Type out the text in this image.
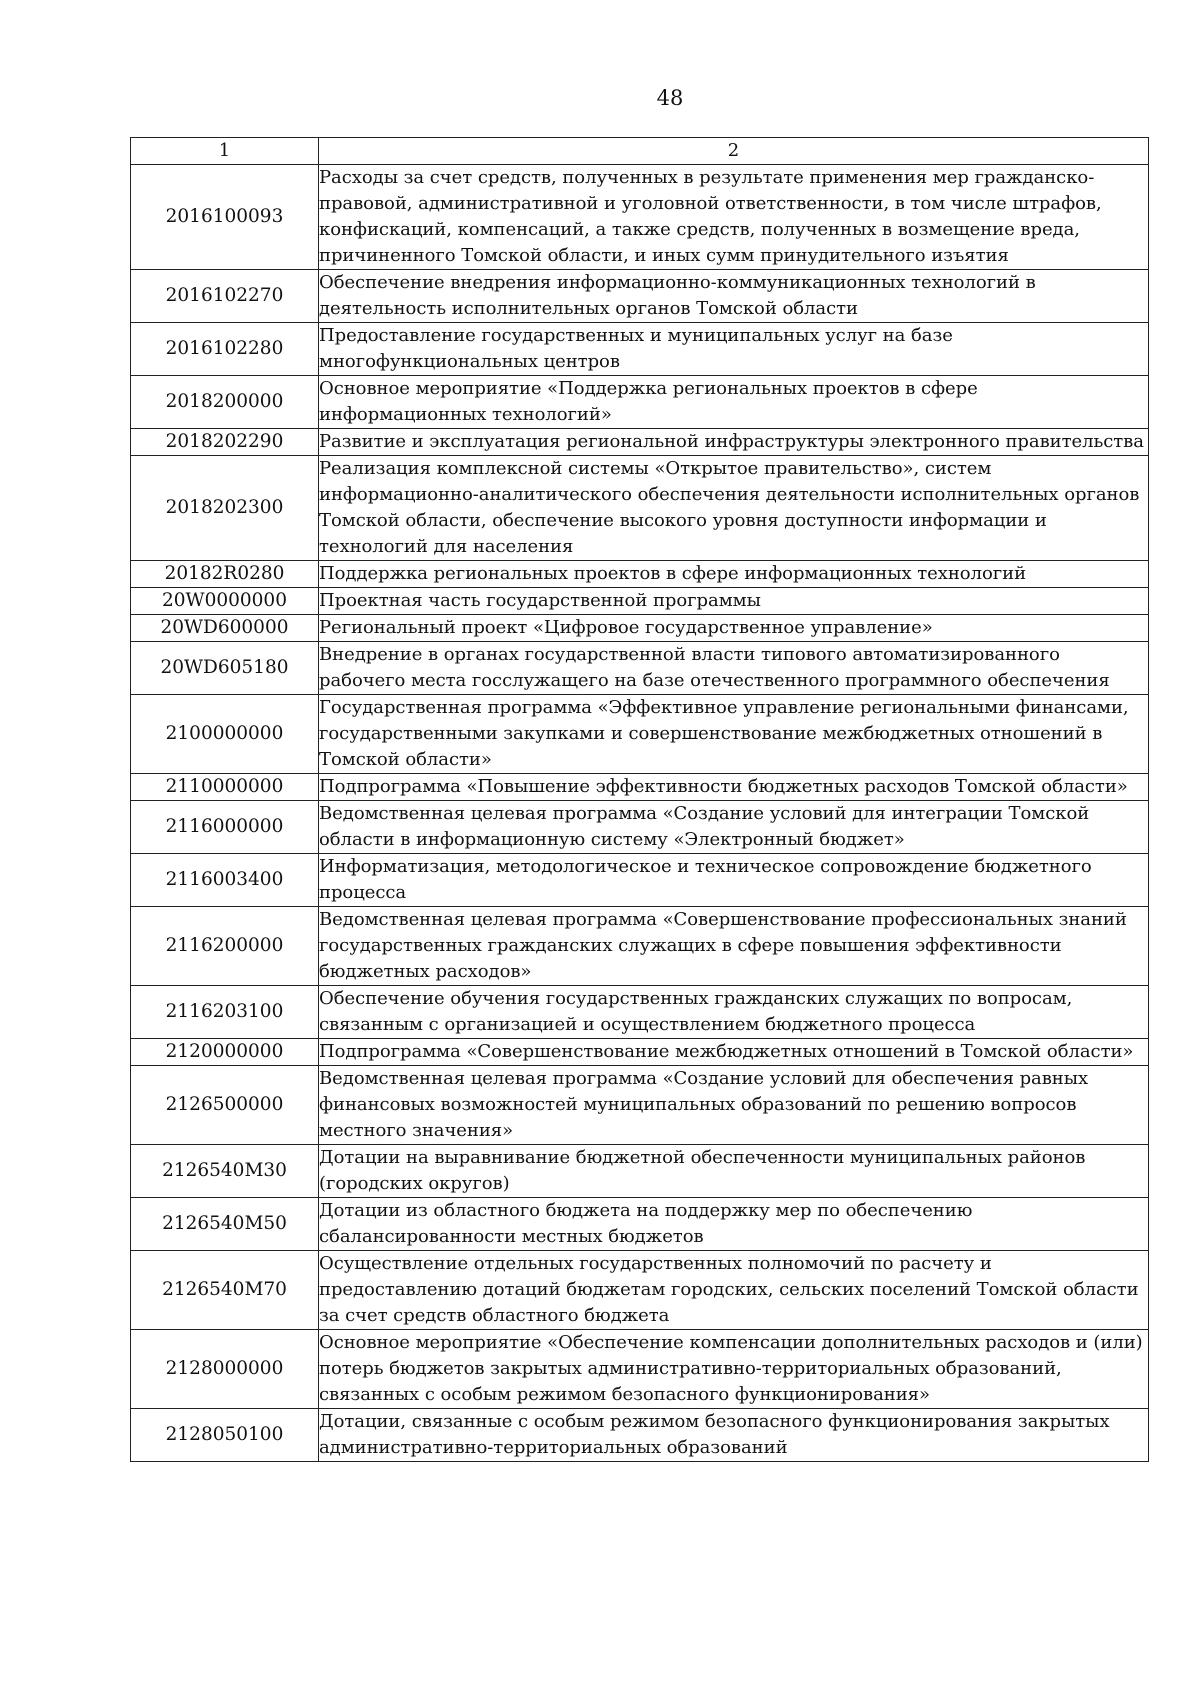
48
1	2
2016100093	Расходы за счет средств, полученных в результате применения мер гражданско-правовой, административной и уголовной ответственности, в том числе штрафов, конфискаций, компенсаций, а также средств, полученных в возмещение вреда, причиненного Томской области, и иных сумм принудительного изъятия
2016102270	Обеспечение внедрения информационно-коммуникационных технологий в деятельность исполнительных органов Томской области
2016102280	Предоставление государственных и муниципальных услуг на базе многофункциональных центров
2018200000	Основное мероприятие «Поддержка региональных проектов в сфере информационных технологий»
2018202290	Развитие и эксплуатация региональной инфраструктуры электронного правительства
2018202300	Реализация комплексной системы «Открытое правительство», систем информационно-аналитического обеспечения деятельности исполнительных органов Томской области, обеспечение высокого уровня доступности информации и технологий для населения
20182R0280	Поддержка региональных проектов в сфере информационных технологий
20W0000000	Проектная часть государственной программы
20WD600000	Региональный проект «Цифровое государственное управление»
20WD605180	Внедрение в органах государственной власти типового автоматизированного рабочего места госслужащего на базе отечественного программного обеспечения
2100000000	Государственная программа «Эффективное управление региональными финансами, государственными закупками и совершенствование межбюджетных отношений в Томской области»
2110000000	Подпрограмма «Повышение эффективности бюджетных расходов Томской области»
2116000000	Ведомственная целевая программа «Создание условий для интеграции Томской области в информационную систему «Электронный бюджет»
2116003400	Информатизация, методологическое и техническое сопровождение бюджетного процесса
2116200000	Ведомственная целевая программа «Совершенствование профессиональных знаний государственных гражданских служащих в сфере повышения эффективности бюджетных расходов»
2116203100	Обеспечение обучения государственных гражданских служащих по вопросам, связанным с организацией и осуществлением бюджетного процесса
2120000000	Подпрограмма «Совершенствование межбюджетных отношений в Томской области»
2126500000	Ведомственная целевая программа «Создание условий для обеспечения равных финансовых возможностей муниципальных образований по решению вопросов местного значения»
2126540М30	Дотации на выравнивание бюджетной обеспеченности муниципальных районов (городских округов)
2126540М50	Дотации из областного бюджета на поддержку мер по обеспечению сбалансированности местных бюджетов
2126540М70	Осуществление отдельных государственных полномочий по расчету и предоставлению дотаций бюджетам городских, сельских поселений Томской области за счет средств областного бюджета
2128000000	Основное мероприятие «Обеспечение компенсации дополнительных расходов и (или) потерь бюджетов закрытых административно-территориальных образований, связанных с особым режимом безопасного функционирования»
2128050100	Дотации, связанные с особым режимом безопасного функционирования закрытых административно-территориальных образований
